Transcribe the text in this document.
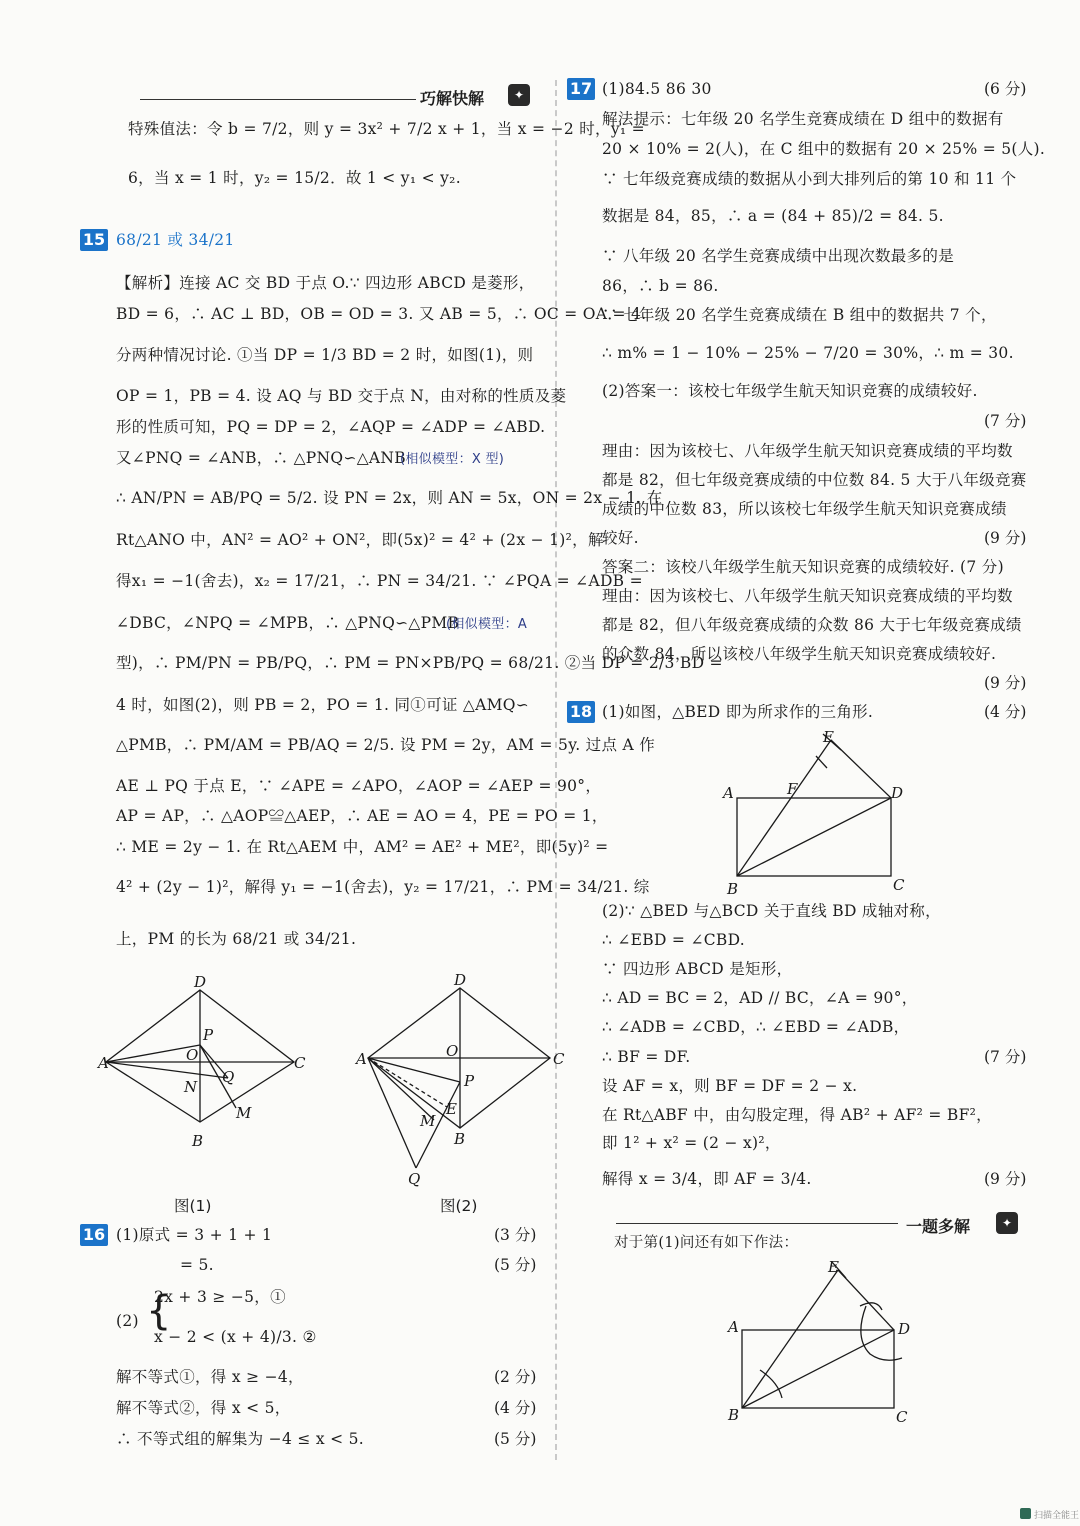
巧解快解	✦
特殊值法：令 b = 7/2，则 y = 3x² + 7/2 x + 1，当 x = −2 时，y₁ =
6，当 x = 1 时，y₂ = 15/2．故 1 < y₁ < y₂.
15 68/21 或 34/21
【解析】连接 AC 交 BD 于点 O.∵ 四边形 ABCD 是菱形，
BD = 6，∴ AC ⊥ BD，OB = OD = 3. 又 AB = 5，∴ OC = OA = 4.
分两种情况讨论. ①当 DP = 1/3 BD = 2 时，如图(1)，则
OP = 1，PB = 4. 设 AQ 与 BD 交于点 N，由对称的性质及菱
形的性质可知，PQ = DP = 2，∠AQP = ∠ADP = ∠ABD.
又∠PNQ = ∠ANB，∴ △PNQ∽△ANB
(相似模型：X 型)
∴ AN/PN = AB/PQ = 5/2. 设 PN = 2x，则 AN = 5x，ON = 2x − 1. 在
Rt△ANO 中，AN² = AO² + ON²，即(5x)² = 4² + (2x − 1)²，解
得x₁ = −1(舍去)，x₂ = 17/21，∴ PN = 34/21. ∵ ∠PQA = ∠ADB =
∠DBC，∠NPQ = ∠MPB，∴ △PNQ∽△PMB
(相似模型：A
型)，∴ PM/PN = PB/PQ，∴ PM = PN×PB/PQ = 68/21. ②当 DP = 2/3 BD =
4 时，如图(2)，则 PB = 2，PO = 1. 同①可证 △AMQ∽
△PMB，∴ PM/AM = PB/AQ = 2/5. 设 PM = 2y，AM = 5y. 过点 A 作
AE ⊥ PQ 于点 E，∵ ∠APE = ∠APO，∠AOP = ∠AEP = 90°，
AP = AP，∴ △AOP≌△AEP，∴ AE = AO = 4，PE = PO = 1，
∴ ME = 2y − 1. 在 Rt△AEM 中，AM² = AE² + ME²，即(5y)² =
4² + (2y − 1)²，解得 y₁ = −1(舍去)，y₂ = 17/21，∴ PM = 34/21. 综
上，PM 的长为 68/21 或 34/21.
A
D
C
B
P
O
N
Q
M
图(1)
A
D
C
B
O
P
E
M
Q
图(2)
16 (1)原式 = 3 + 1 + 1	(3 分)
= 5.	(5 分)
(2) {
2x + 3 ≥ −5，①
x − 2 < (x + 4)/3. ②
解不等式①，得 x ≥ −4，	(2 分)
解不等式②，得 x < 5，	(4 分)
∴ 不等式组的解集为 −4 ≤ x < 5.	(5 分)
17 (1)84.5 86 30	(6 分)
解法提示：七年级 20 名学生竞赛成绩在 D 组中的数据有
20 × 10% = 2(人)，在 C 组中的数据有 20 × 25% = 5(人).
∵ 七年级竞赛成绩的数据从小到大排列后的第 10 和 11 个
数据是 84，85，∴ a = (84 + 85)/2 = 84. 5.
∵ 八年级 20 名学生竞赛成绩中出现次数最多的是
86，∴ b = 86.
∵ 七年级 20 名学生竞赛成绩在 B 组中的数据共 7 个，
∴ m% = 1 − 10% − 25% − 7/20 = 30%，∴ m = 30.
(2)答案一：该校七年级学生航天知识竞赛的成绩较好.
(7 分)
理由：因为该校七、八年级学生航天知识竞赛成绩的平均数
都是 82，但七年级竞赛成绩的中位数 84. 5 大于八年级竞赛
成绩的中位数 83，所以该校七年级学生航天知识竞赛成绩
较好.	(9 分)
答案二：该校八年级学生航天知识竞赛的成绩较好. (7 分)
理由：因为该校七、八年级学生航天知识竞赛成绩的平均数
都是 82，但八年级竞赛成绩的众数 86 大于七年级竞赛成绩
的众数 84，所以该校八年级学生航天知识竞赛成绩较好.
(9 分)
18 (1)如图，△BED 即为所求作的三角形.	(4 分)
E
A	F	D
B	C
(2)∵ △BED 与△BCD 关于直线 BD 成轴对称，
∴ ∠EBD = ∠CBD.
∵ 四边形 ABCD 是矩形，
∴ AD = BC = 2，AD // BC，∠A = 90°，
∴ ∠ADB = ∠CBD，∴ ∠EBD = ∠ADB，
∴ BF = DF.	(7 分)
设 AF = x，则 BF = DF = 2 − x.
在 Rt△ABF 中，由勾股定理，得 AB² + AF² = BF²，
即 1² + x² = (2 − x)²，
解得 x = 3/4，即 AF = 3/4.	(9 分)
一题多解	✦
对于第(1)问还有如下作法：
E
A	D
B	C
扫描全能王
